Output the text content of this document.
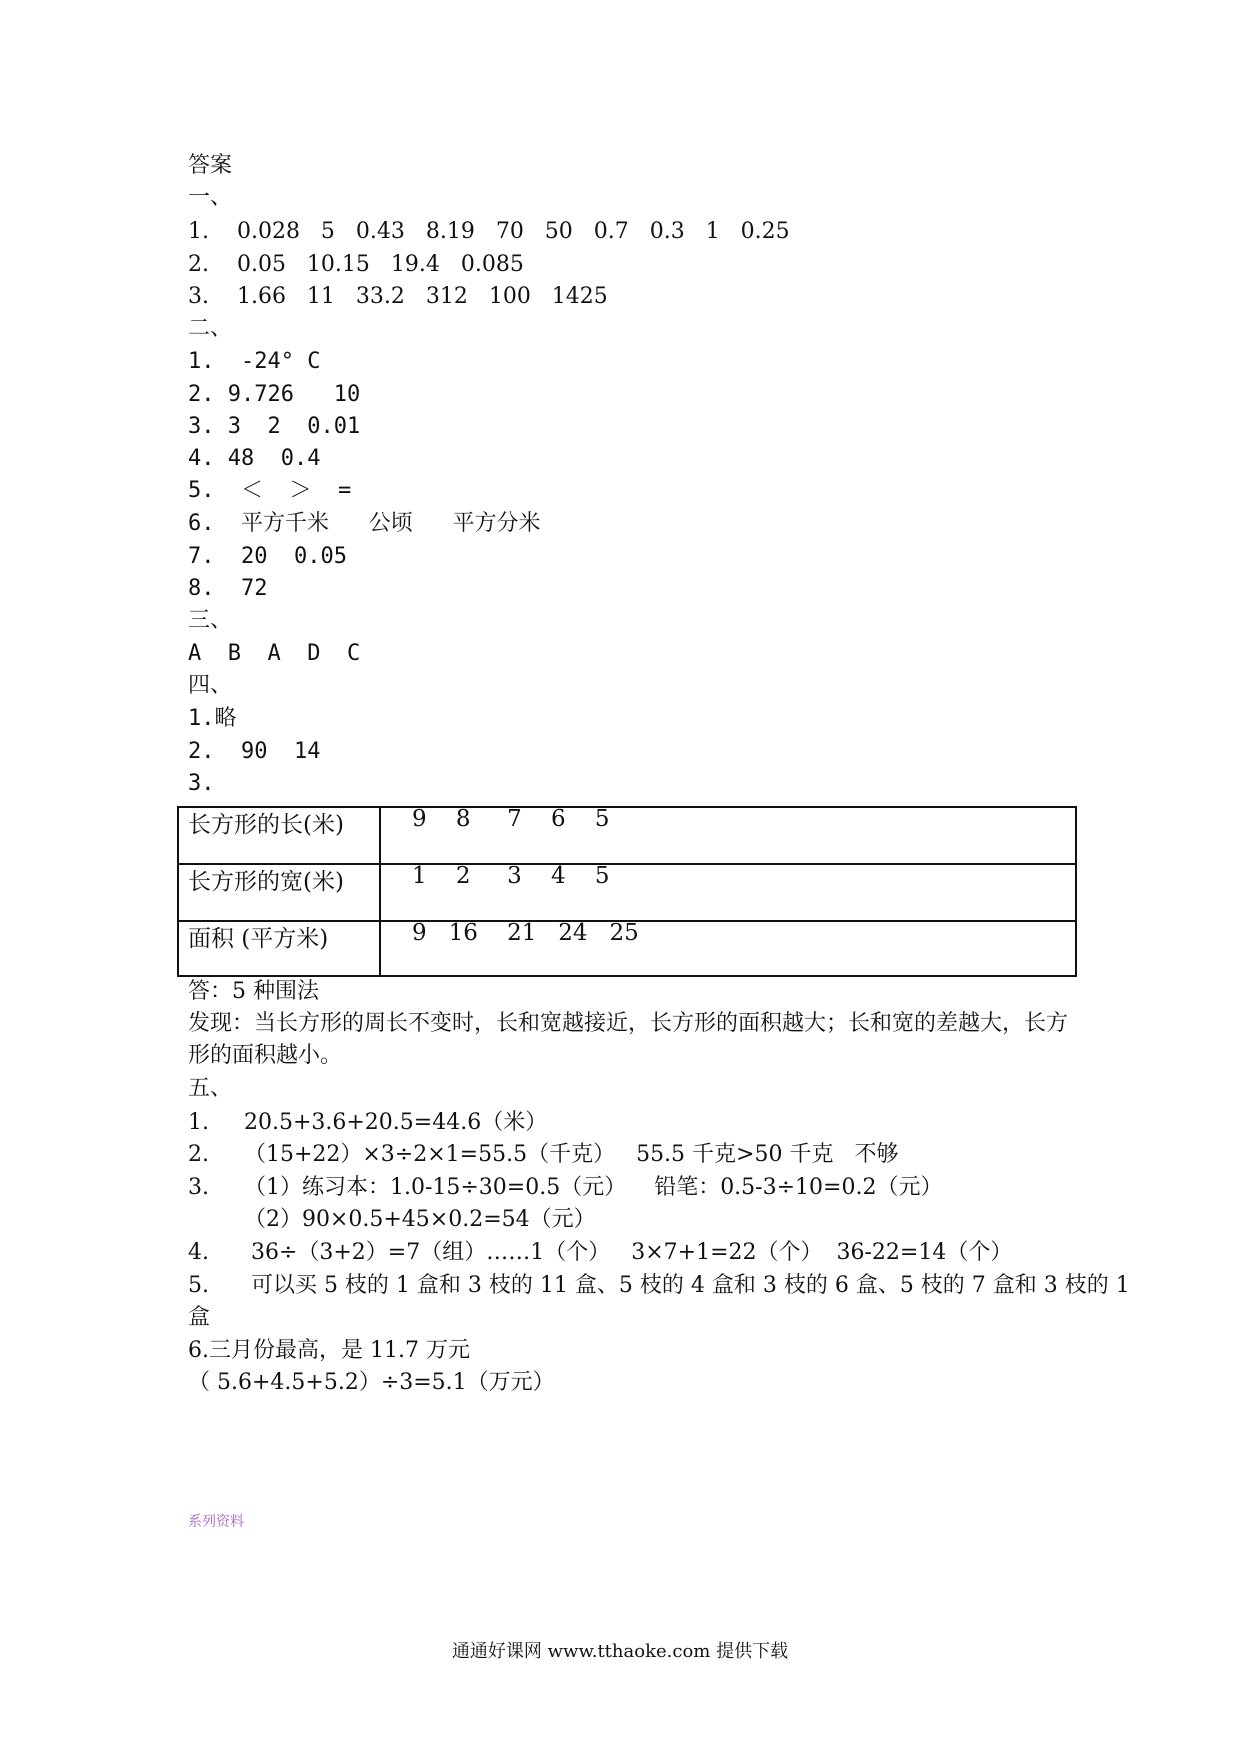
答案
一、
1.    0.028   5   0.43   8.19   70   50   0.7   0.3   1   0.25
2.    0.05   10.15   19.4   0.085
3.    1.66   11   33.2   312   100   1425
二、
1.  -24° C
2. 9.726   10
3. 3  2  0.01
4. 48  0.4
5.  ＜  ＞  =
6.  平方千米   公顷   平方分米
7.  20  0.05
8.  72
三、
A  B  A  D  C
四、
1.略
2.  90  14
3.
长方形的长(米)	9    8     7    6    5
长方形的宽(米)	1    2     3    4    5
面积 (平方米)	9   16    21   24   25
答：5 种围法
发现：当长方形的周长不变时，长和宽越接近，长方形的面积越大；长和宽的差越大，长方
形的面积越小。
五、
1.     20.5+3.6+20.5=44.6（米）
2.     （15+22）×3÷2×1=55.5（千克）   55.5 千克>50 千克   不够
3.     （1）练习本：1.0-15÷30=0.5（元）    铅笔：0.5-3÷10=0.2（元）
（2）90×0.5+45×0.2=54（元）
4.      36÷（3+2）=7（组）……1（个）   3×7+1=22（个）  36-22=14（个）
5.      可以买 5 枝的 1 盒和 3 枝的 11 盒、5 枝的 4 盒和 3 枝的 6 盒、5 枝的 7 盒和 3 枝的 1
盒
6.三月份最高，是 11.7 万元
（ 5.6+4.5+5.2）÷3=5.1（万元）
系列资料
通通好课网 www.tthaoke.com 提供下载
